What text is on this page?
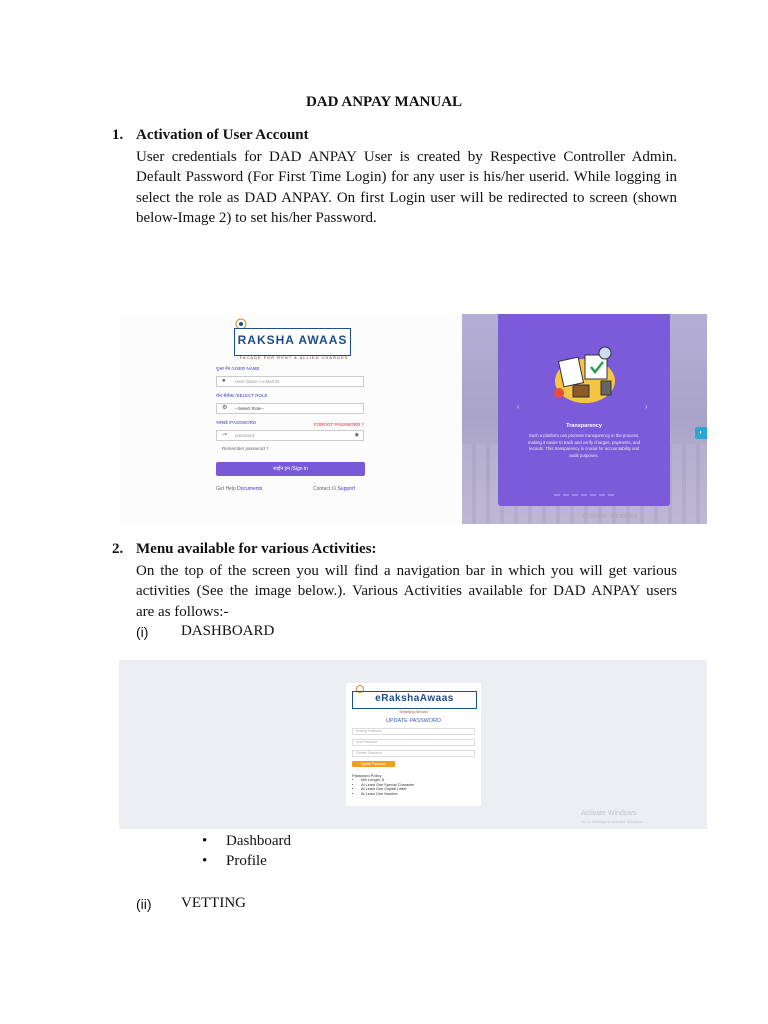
DAD ANPAY MANUAL
1. Activation of User Account
User credentials for DAD ANPAY User is created by Respective Controller Admin.
Default Password (For First Time Login) for any user is his/her userid. While logging in
select the role as DAD ANPAY. On first Login user will be redirected to screen (shown
below-Image 2) to set his/her Password.
RAKSHA AWAAS
FACADE FOR RENT & ALLIED CHARGES
यूजर नेम /USER NAME
● User Name / e-Mail ID
रोल सेलेक्ट /SELECT ROLE
⚙ --Select Role--
पासवर्ड /PASSWORD	FORGOT PASSWORD ?
⊸ password	◉
Remember password ?
साईन इन /Sign in
Get Help Documents	Contact ☊ Support
Transparency
Such a platform can promote transparency in the process, making it easier to track and verify charges, payments, and records. This transparency is crucial for accountability and audit purposes.
‹	›
◐
Activate Windows
2. Menu available for various Activities:
On the top of the screen you will find a navigation bar in which you will get various
activities (See the image below.). Various Activities available for DAD ANPAY users
are as follows:-
(i) DASHBOARD
eRakshaAwaas
Simplifying Services
UPDATE PASSWORD
Existing Password
New Password
Confirm Password
Update Password
Password Policy:
• Min Length: 8
• At Least One Special Character
• At Least One Capital Letter
• At Least One Number
Activate Windows
Go to Settings to activate Windows.
• Dashboard
• Profile
(ii) VETTING
